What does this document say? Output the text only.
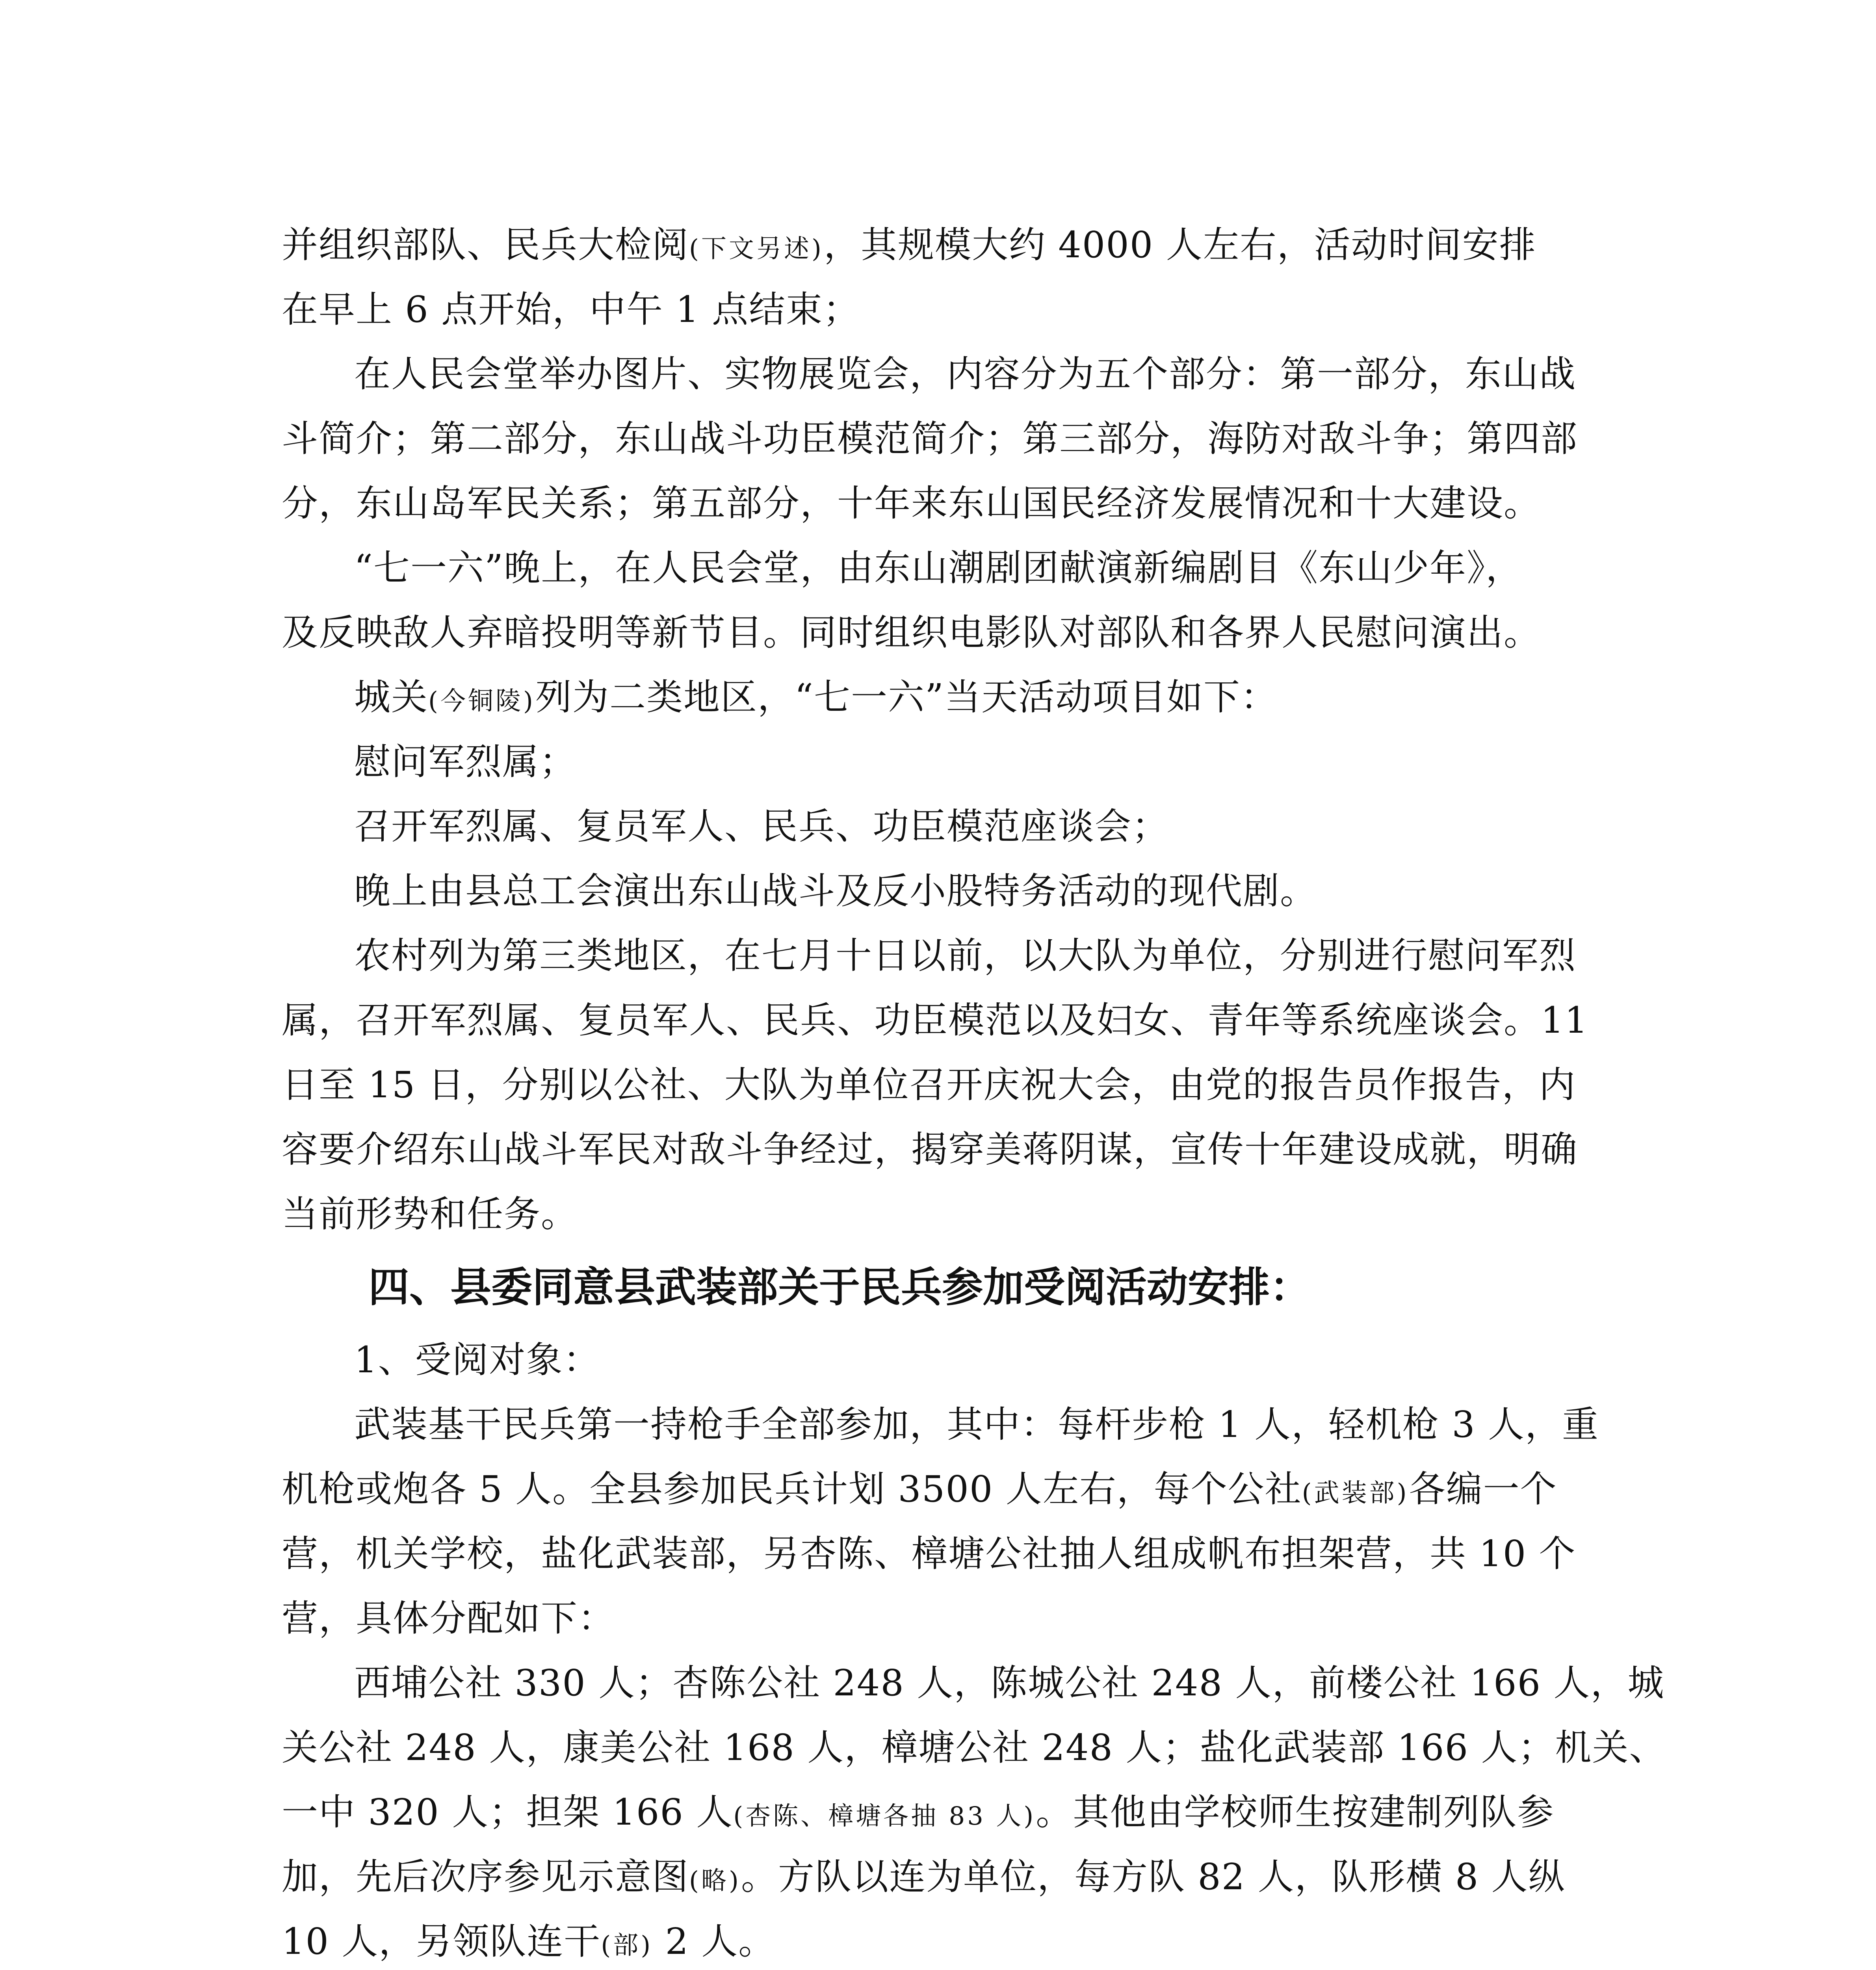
并组织部队、民兵大检阅(下文另述)，其规模大约 4000 人左右，活动时间安排
在早上 6 点开始，中午 1 点结束；
在人民会堂举办图片、实物展览会，内容分为五个部分：第一部分，东山战
斗简介；第二部分，东山战斗功臣模范简介；第三部分，海防对敌斗争；第四部
分，东山岛军民关系；第五部分，十年来东山国民经济发展情况和十大建设。
“七一六”晚上，在人民会堂，由东山潮剧团献演新编剧目《东山少年》，
及反映敌人弃暗投明等新节目。同时组织电影队对部队和各界人民慰问演出。
城关(今铜陵)列为二类地区，“七一六”当天活动项目如下：
慰问军烈属；
召开军烈属、复员军人、民兵、功臣模范座谈会；
晚上由县总工会演出东山战斗及反小股特务活动的现代剧。
农村列为第三类地区，在七月十日以前，以大队为单位，分别进行慰问军烈
属，召开军烈属、复员军人、民兵、功臣模范以及妇女、青年等系统座谈会。11
日至 15 日，分别以公社、大队为单位召开庆祝大会，由党的报告员作报告，内
容要介绍东山战斗军民对敌斗争经过，揭穿美蒋阴谋，宣传十年建设成就，明确
当前形势和任务。
四、县委同意县武装部关于民兵参加受阅活动安排：
1、受阅对象：
武装基干民兵第一持枪手全部参加，其中：每杆步枪 1 人，轻机枪 3 人，重
机枪或炮各 5 人。全县参加民兵计划 3500 人左右，每个公社(武装部)各编一个
营，机关学校，盐化武装部，另杏陈、樟塘公社抽人组成帆布担架营，共 10 个
营，具体分配如下：
西埔公社 330 人；杏陈公社 248 人，陈城公社 248 人，前楼公社 166 人，城
关公社 248 人，康美公社 168 人，樟塘公社 248 人；盐化武装部 166 人；机关、
一中 320 人；担架 166 人(杏陈、樟塘各抽 83 人)。其他由学校师生按建制列队参
加，先后次序参见示意图(略)。方队以连为单位，每方队 82 人，队形横 8 人纵
10 人，另领队连干(部) 2 人。
